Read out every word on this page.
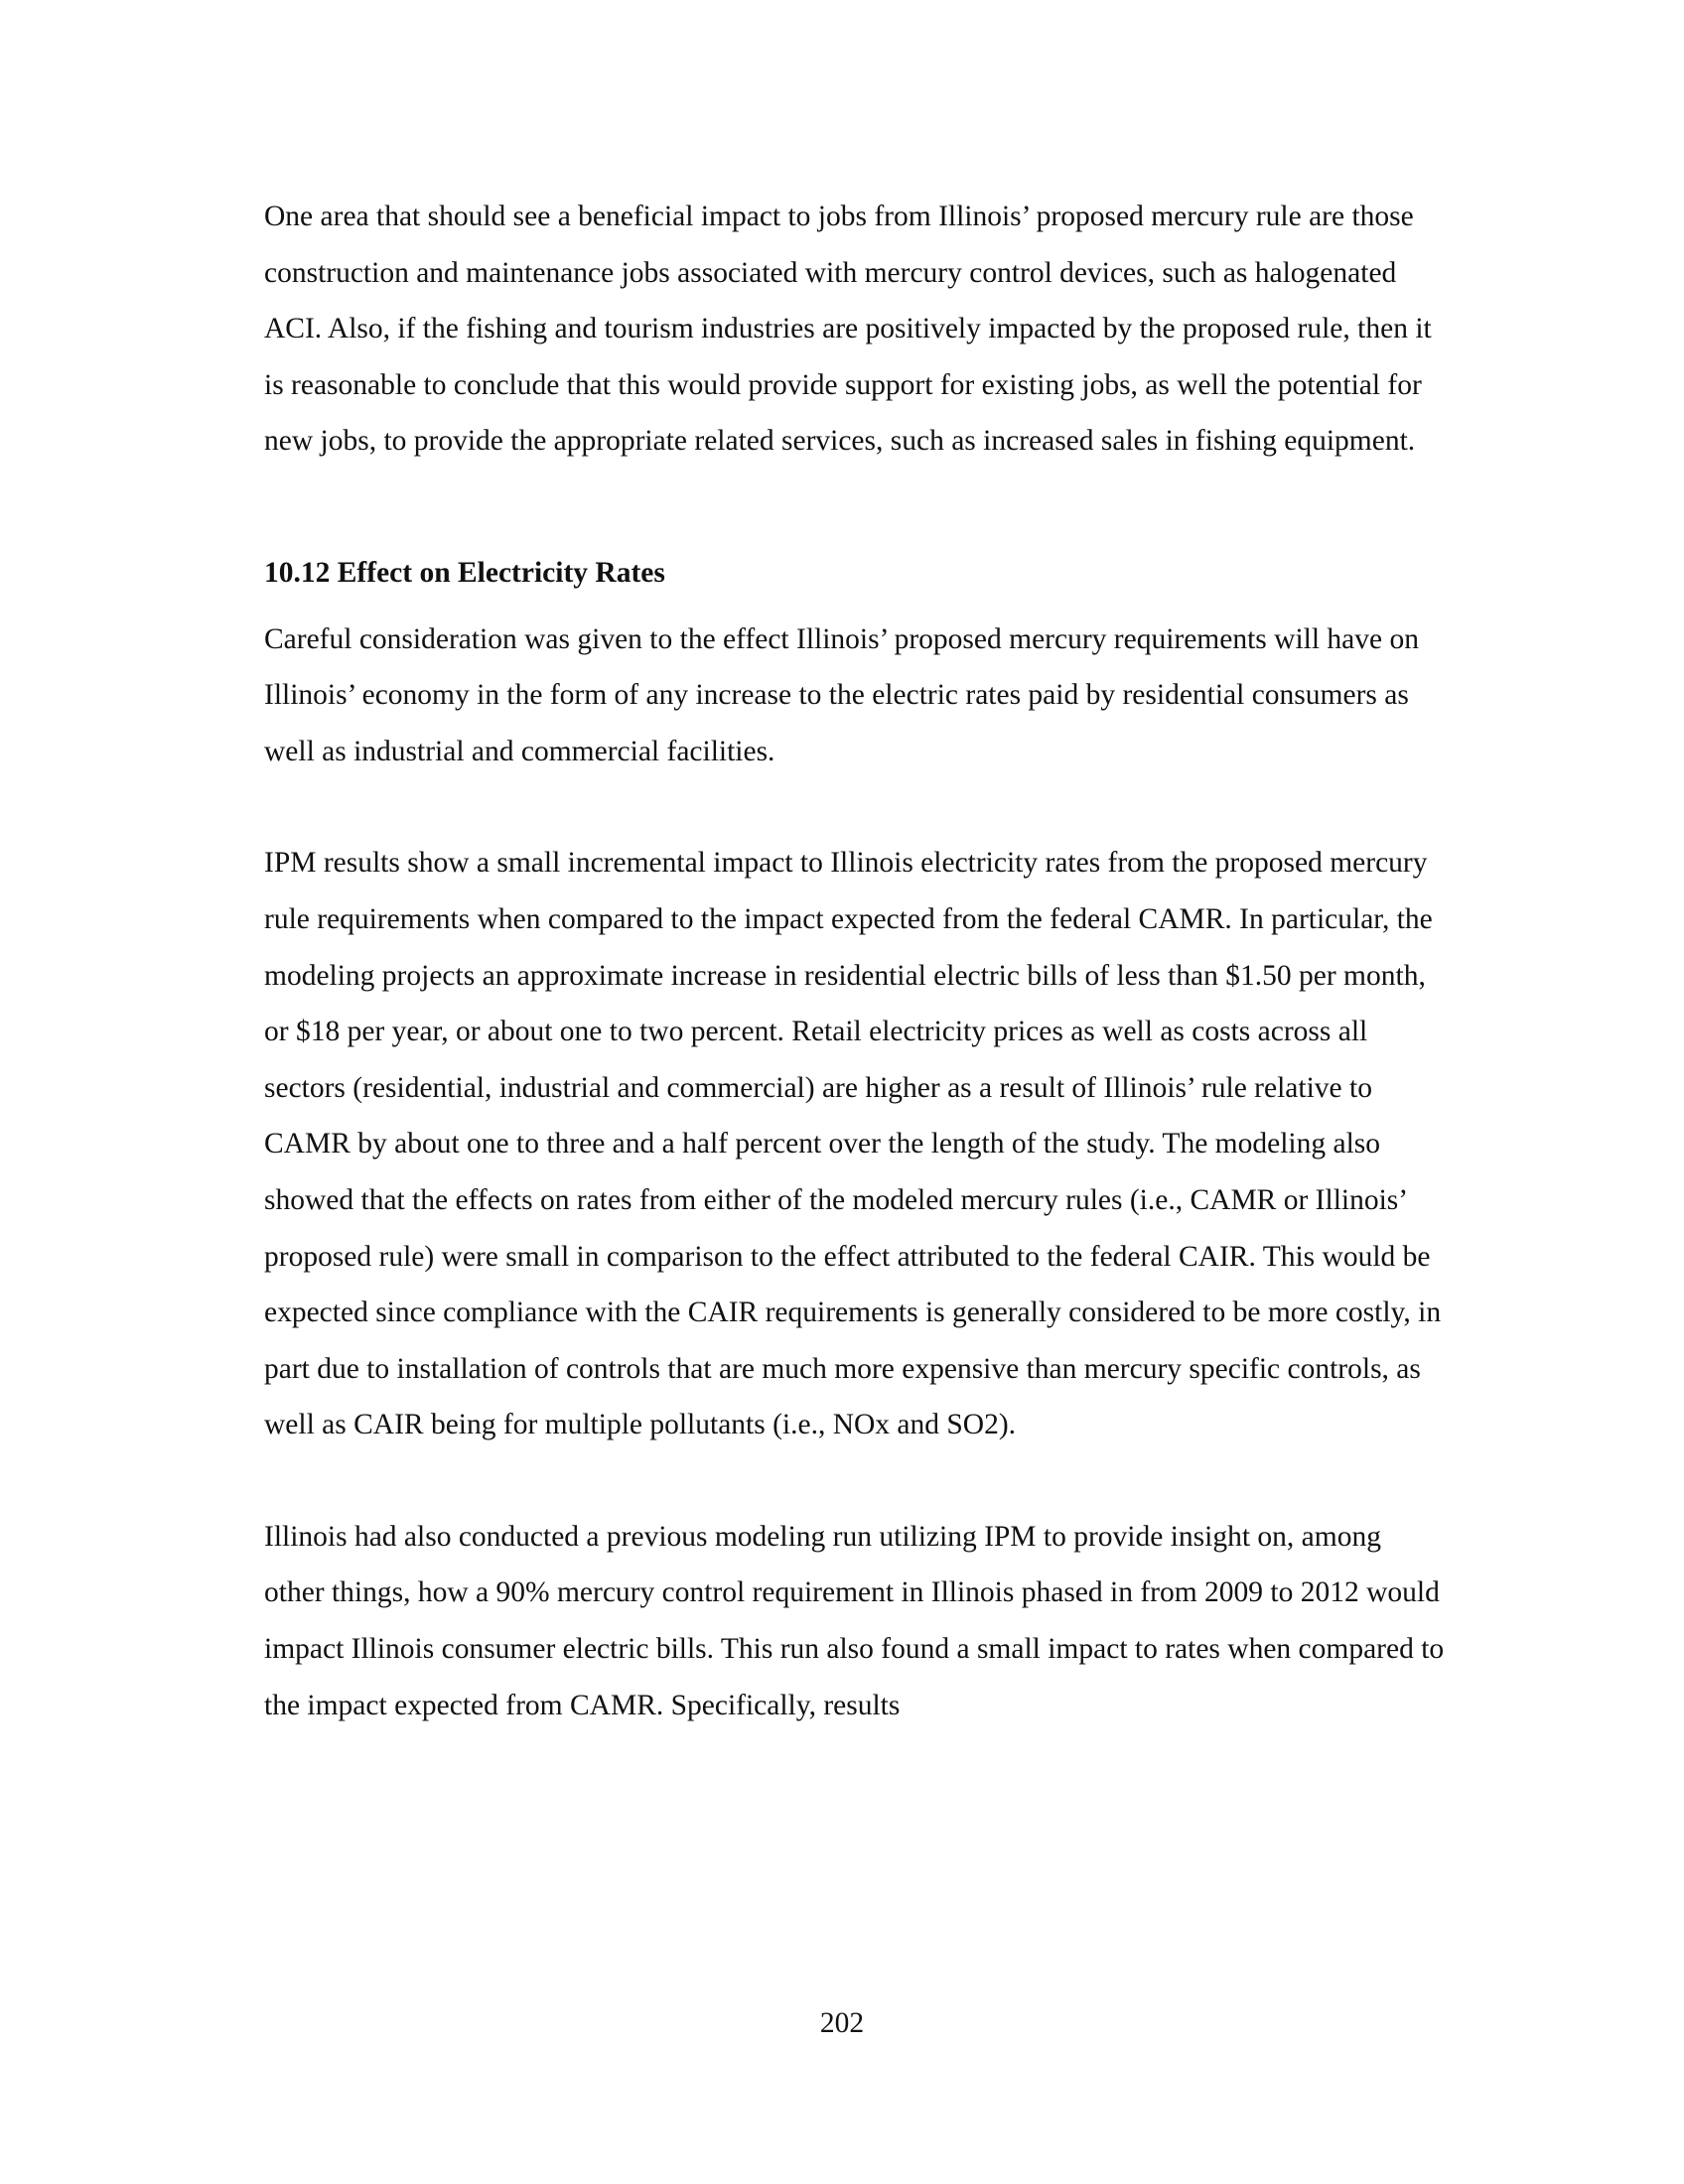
One area that should see a beneficial impact to jobs from Illinois’ proposed mercury rule are those construction and maintenance jobs associated with mercury control devices, such as halogenated ACI. Also, if the fishing and tourism industries are positively impacted by the proposed rule, then it is reasonable to conclude that this would provide support for existing jobs, as well the potential for new jobs, to provide the appropriate related services, such as increased sales in fishing equipment.

10.12 Effect on Electricity Rates

Careful consideration was given to the effect Illinois’ proposed mercury requirements will have on Illinois’ economy in the form of any increase to the electric rates paid by residential consumers as well as industrial and commercial facilities.

IPM results show a small incremental impact to Illinois electricity rates from the proposed mercury rule requirements when compared to the impact expected from the federal CAMR. In particular, the modeling projects an approximate increase in residential electric bills of less than $1.50 per month, or $18 per year, or about one to two percent. Retail electricity prices as well as costs across all sectors (residential, industrial and commercial) are higher as a result of Illinois’ rule relative to CAMR by about one to three and a half percent over the length of the study. The modeling also showed that the effects on rates from either of the modeled mercury rules (i.e., CAMR or Illinois’ proposed rule) were small in comparison to the effect attributed to the federal CAIR. This would be expected since compliance with the CAIR requirements is generally considered to be more costly, in part due to installation of controls that are much more expensive than mercury specific controls, as well as CAIR being for multiple pollutants (i.e., NOx and SO2).

Illinois had also conducted a previous modeling run utilizing IPM to provide insight on, among other things, how a 90% mercury control requirement in Illinois phased in from 2009 to 2012 would impact Illinois consumer electric bills. This run also found a small impact to rates when compared to the impact expected from CAMR. Specifically, results

202
